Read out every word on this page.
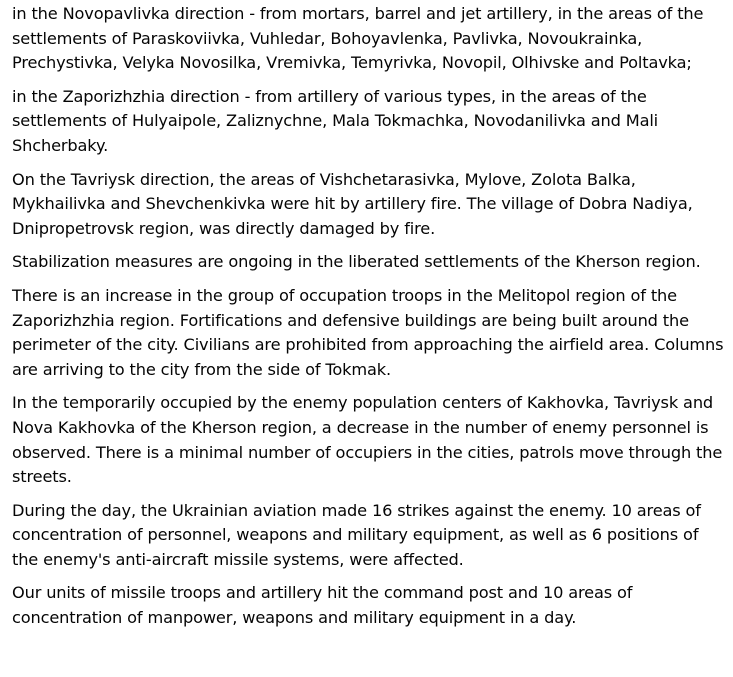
in the Novopavlivka direction - from mortars, barrel and jet artillery, in the areas of the settlements of Paraskoviivka, Vuhledar, Bohoyavlenka, Pavlivka, Novoukrainka, Prechystivka, Velyka Novosilka, Vremivka, Temyrivka, Novopil, Olhivske and Poltavka;

in the Zaporizhzhia direction - from artillery of various types, in the areas of the settlements of Hulyaipole, Zaliznychne, Mala Tokmachka, Novodanilivka and Mali Shcherbaky.

On the Tavriysk direction, the areas of Vishchetarasivka, Mylove, Zolota Balka, Mykhailivka and Shevchenkivka were hit by artillery fire. The village of Dobra Nadiya, Dnipropetrovsk region, was directly damaged by fire.

Stabilization measures are ongoing in the liberated settlements of the Kherson region.

There is an increase in the group of occupation troops in the Melitopol region of the Zaporizhzhia region. Fortifications and defensive buildings are being built around the perimeter of the city. Civilians are prohibited from approaching the airfield area. Columns are arriving to the city from the side of Tokmak.

In the temporarily occupied by the enemy population centers of Kakhovka, Tavriysk and Nova Kakhovka of the Kherson region, a decrease in the number of enemy personnel is observed. There is a minimal number of occupiers in the cities, patrols move through the streets.

During the day, the Ukrainian aviation made 16 strikes against the enemy. 10 areas of concentration of personnel, weapons and military equipment, as well as 6 positions of the enemy's anti-aircraft missile systems, were affected.

Our units of missile troops and artillery hit the command post and 10 areas of concentration of manpower, weapons and military equipment in a day.
